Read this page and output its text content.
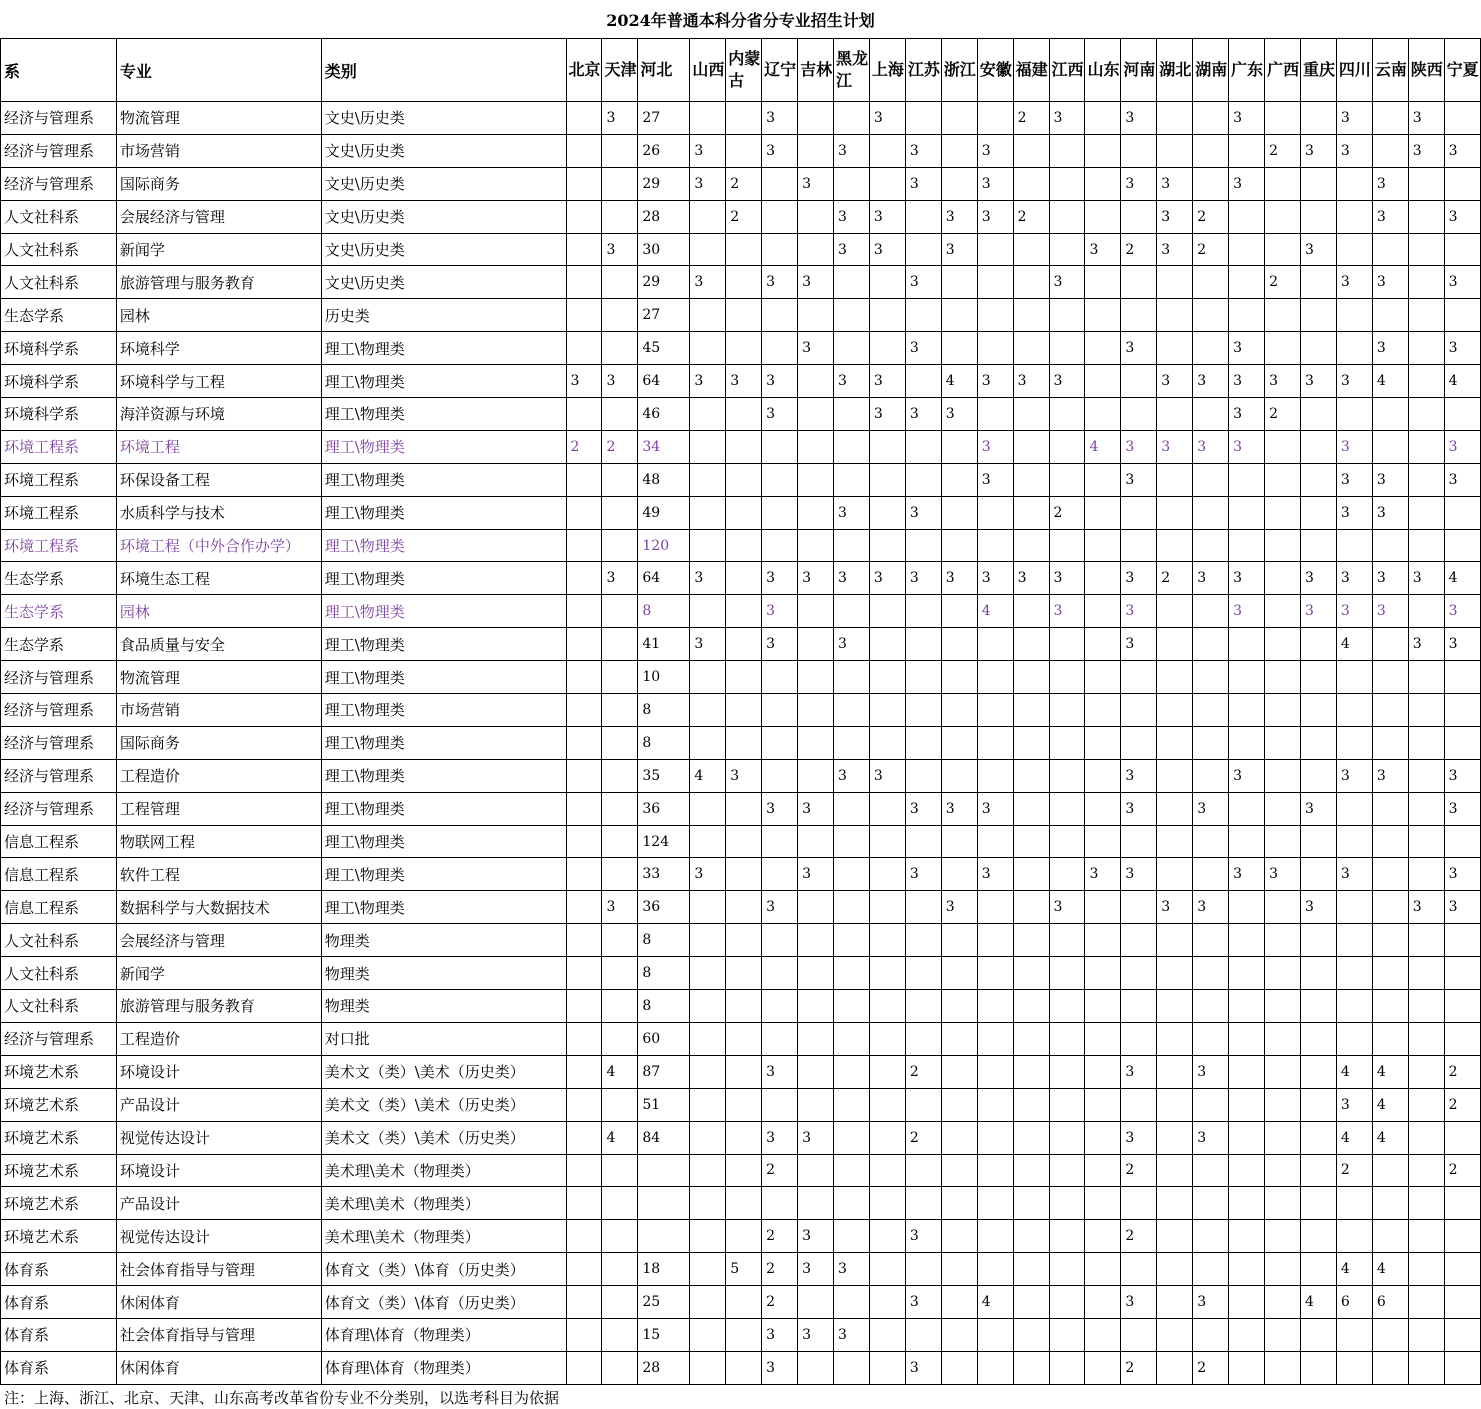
2024年普通本科分省分专业招生计划
系	专业	类别	北京	天津	河北	山西	内蒙古	辽宁	吉林	黑龙江	上海	江苏	浙江	安徽	福建	江西	山东	河南	湖北	湖南	广东	广西	重庆	四川	云南	陕西	宁夏
经济与管理系	物流管理	文史\历史类		3	27			3			3				2	3		3			3			3		3	
经济与管理系	市场营销	文史\历史类			26	3		3		3		3		3								2	3	3		3	3
经济与管理系	国际商务	文史\历史类			29	3	2		3			3		3				3	3		3				3		
人文社科系	会展经济与管理	文史\历史类			28		2			3	3		3	3	2				3	2					3		3
人文社科系	新闻学	文史\历史类		3	30					3	3		3				3	2	3	2			3				
人文社科系	旅游管理与服务教育	文史\历史类			29	3		3	3			3				3						2		3	3		3
生态学系	园林	历史类			27																						
环境科学系	环境科学	理工\物理类			45				3			3						3			3				3		3
环境科学系	环境科学与工程	理工\物理类	3	3	64	3	3	3		3	3		4	3	3	3			3	3	3	3	3	3	4		4
环境科学系	海洋资源与环境	理工\物理类			46			3			3	3	3								3	2					
环境工程系	环境工程	理工\物理类	2	2	34									3			4	3	3	3	3			3			3
环境工程系	环保设备工程	理工\物理类			48									3				3						3	3		3
环境工程系	水质科学与技术	理工\物理类			49					3		3				2								3	3		
环境工程系	环境工程（中外合作办学）	理工\物理类			120																						
生态学系	环境生态工程	理工\物理类		3	64	3		3	3	3	3	3	3	3	3	3		3	2	3	3		3	3	3	3	4
生态学系	园林	理工\物理类			8			3						4		3		3			3		3	3	3		3
生态学系	食品质量与安全	理工\物理类			41	3		3		3								3						4		3	3
经济与管理系	物流管理	理工\物理类			10																						
经济与管理系	市场营销	理工\物理类			8																						
经济与管理系	国际商务	理工\物理类			8																						
经济与管理系	工程造价	理工\物理类			35	4	3			3	3							3			3			3	3		3
经济与管理系	工程管理	理工\物理类			36			3	3			3	3	3				3		3			3				3
信息工程系	物联网工程	理工\物理类			124																						
信息工程系	软件工程	理工\物理类			33	3			3			3		3			3	3			3	3		3			3
信息工程系	数据科学与大数据技术	理工\物理类		3	36			3					3			3			3	3			3			3	3
人文社科系	会展经济与管理	物理类			8																						
人文社科系	新闻学	物理类			8																						
人文社科系	旅游管理与服务教育	物理类			8																						
经济与管理系	工程造价	对口批			60																						
环境艺术系	环境设计	美术文（类）\美术（历史类）		4	87			3				2						3		3				4	4		2
环境艺术系	产品设计	美术文（类）\美术（历史类）			51																			3	4		2
环境艺术系	视觉传达设计	美术文（类）\美术（历史类）		4	84			3	3			2						3		3				4	4		
环境艺术系	环境设计	美术理\美术（物理类）						2										2						2			2
环境艺术系	产品设计	美术理\美术（物理类）																									
环境艺术系	视觉传达设计	美术理\美术（物理类）						2	3			3						2									
体育系	社会体育指导与管理	体育文（类）\体育（历史类）			18		5	2	3	3														4	4		
体育系	休闲体育	体育文（类）\体育（历史类）			25			2				3		4				3		3			4	6	6		
体育系	社会体育指导与管理	体育理\体育（物理类）			15			3	3	3																	
体育系	休闲体育	体育理\体育（物理类）			28			3				3						2		2							
注：上海、浙江、北京、天津、山东高考改革省份专业不分类别，以选考科目为依据
